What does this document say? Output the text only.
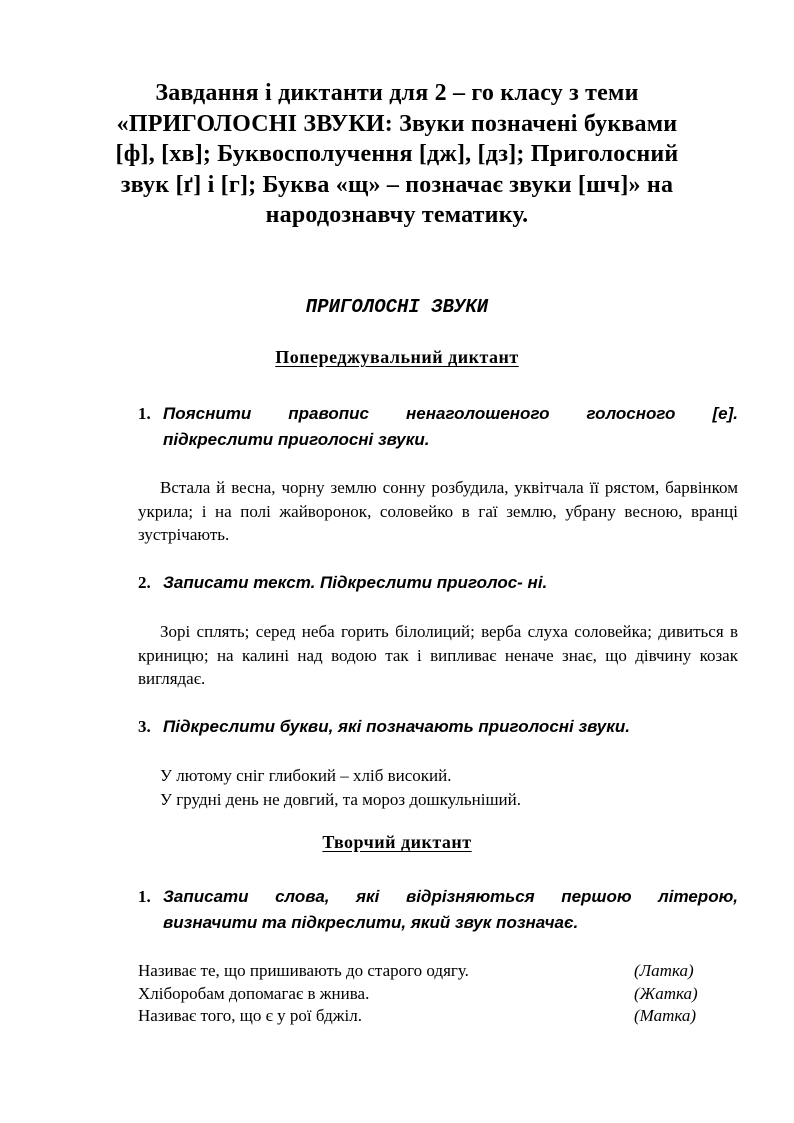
Завдання і диктанти для 2 – го класу з теми
«ПРИГОЛОСНІ ЗВУКИ: Звуки позначені буквами
[ф], [хв]; Буквосполучення [дж], [дз]; Приголосний
звук [ґ] і [г]; Буква «щ» – позначає звуки [шч]» на
народознавчу тематику.
ПРИГОЛОСНІ ЗВУКИ
Попереджувальний диктант
1. Пояснити правопис ненаголошеного голосного [е].
підкреслити приголосні звуки.

Встала й весна, чорну землю сонну розбудила, уквітчала її рястом, барвінком укрила; і на полі жайворонок, соловейко в гаї землю, убрану весною, вранці зустрічають.

2. Записати текст. Підкреслити приголос- ні.

Зорі сплять; серед неба горить білолиций; верба слуха соловейка; дивиться в криницю; на калині над водою так і випливає неначе знає, що дівчину козак виглядає.

3. Підкреслити букви, які позначають приголосні звуки.
У лютому сніг глибокий – хліб високий.
У грудні день не довгий, та мороз дошкульніший.
Творчий диктант
1. Записати слова, які відрізняються першою літерою,
визначити та підкреслити, який звук позначає.
Називає те, що пришивають до старого одягу.	(Латка)
Хліборобам допомагає в жнива.	(Жатка)
Називає того, що є у рої бджіл.	(Матка)
